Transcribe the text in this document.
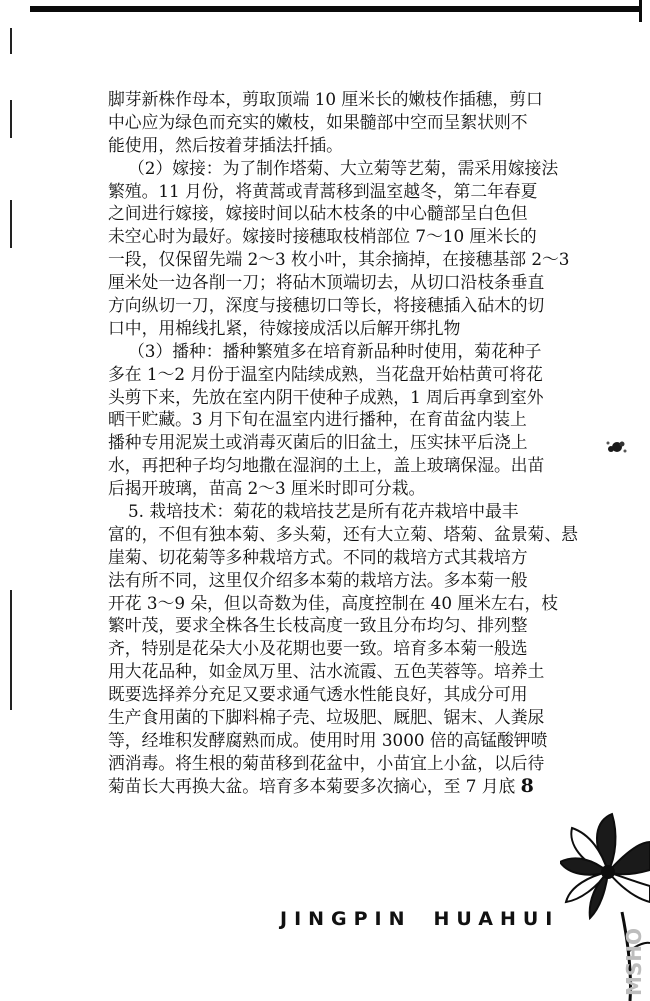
脚芽新株作母本，剪取顶端 10 厘米长的嫩枝作插穗，剪口
中心应为绿色而充实的嫩枝，如果髓部中空而呈絮状则不
能使用，然后按着芽插法扦插。
（2）嫁接：为了制作塔菊、大立菊等艺菊，需采用嫁接法
繁殖。11 月份，将黄蒿或青蒿移到温室越冬，第二年春夏
之间进行嫁接，嫁接时间以砧木枝条的中心髓部呈白色但
未空心时为最好。嫁接时接穗取枝梢部位 7～10 厘米长的
一段，仅保留先端 2～3 枚小叶，其余摘掉，在接穗基部 2～3
厘米处一边各削一刀；将砧木顶端切去，从切口沿枝条垂直
方向纵切一刀，深度与接穗切口等长，将接穗插入砧木的切
口中，用棉线扎紧，待嫁接成活以后解开绑扎物
（3）播种：播种繁殖多在培育新品种时使用，菊花种子
多在 1～2 月份于温室内陆续成熟，当花盘开始枯黄可将花
头剪下来，先放在室内阴干使种子成熟，1 周后再拿到室外
晒干贮藏。3 月下旬在温室内进行播种，在育苗盆内装上
播种专用泥炭土或消毒灭菌后的旧盆土，压实抹平后浇上
水，再把种子均匀地撒在湿润的土上，盖上玻璃保湿。出苗
后揭开玻璃，苗高 2～3 厘米时即可分栽。
5. 栽培技术：菊花的栽培技艺是所有花卉栽培中最丰
富的，不但有独本菊、多头菊，还有大立菊、塔菊、盆景菊、悬
崖菊、切花菊等多种栽培方式。不同的栽培方式其栽培方
法有所不同，这里仅介绍多本菊的栽培方法。多本菊一般
开花 3～9 朵，但以奇数为佳，高度控制在 40 厘米左右，枝
繁叶茂，要求全株各生长枝高度一致且分布均匀、排列整
齐，特别是花朵大小及花期也要一致。培育多本菊一般选
用大花品种，如金凤万里、沽水流霞、五色芙蓉等。培养土
既要选择养分充足又要求通气透水性能良好，其成分可用
生产食用菌的下脚料棉子壳、垃圾肥、厩肥、锯末、人粪尿
等，经堆积发酵腐熟而成。使用时用 3000 倍的高锰酸钾喷
洒消毒。将生根的菊苗移到花盆中，小苗宜上小盆，以后待
菊苗长大再换大盆。培育多本菊要多次摘心，至 7 月底 8
JINGPIN HUAHUI
MSHO
